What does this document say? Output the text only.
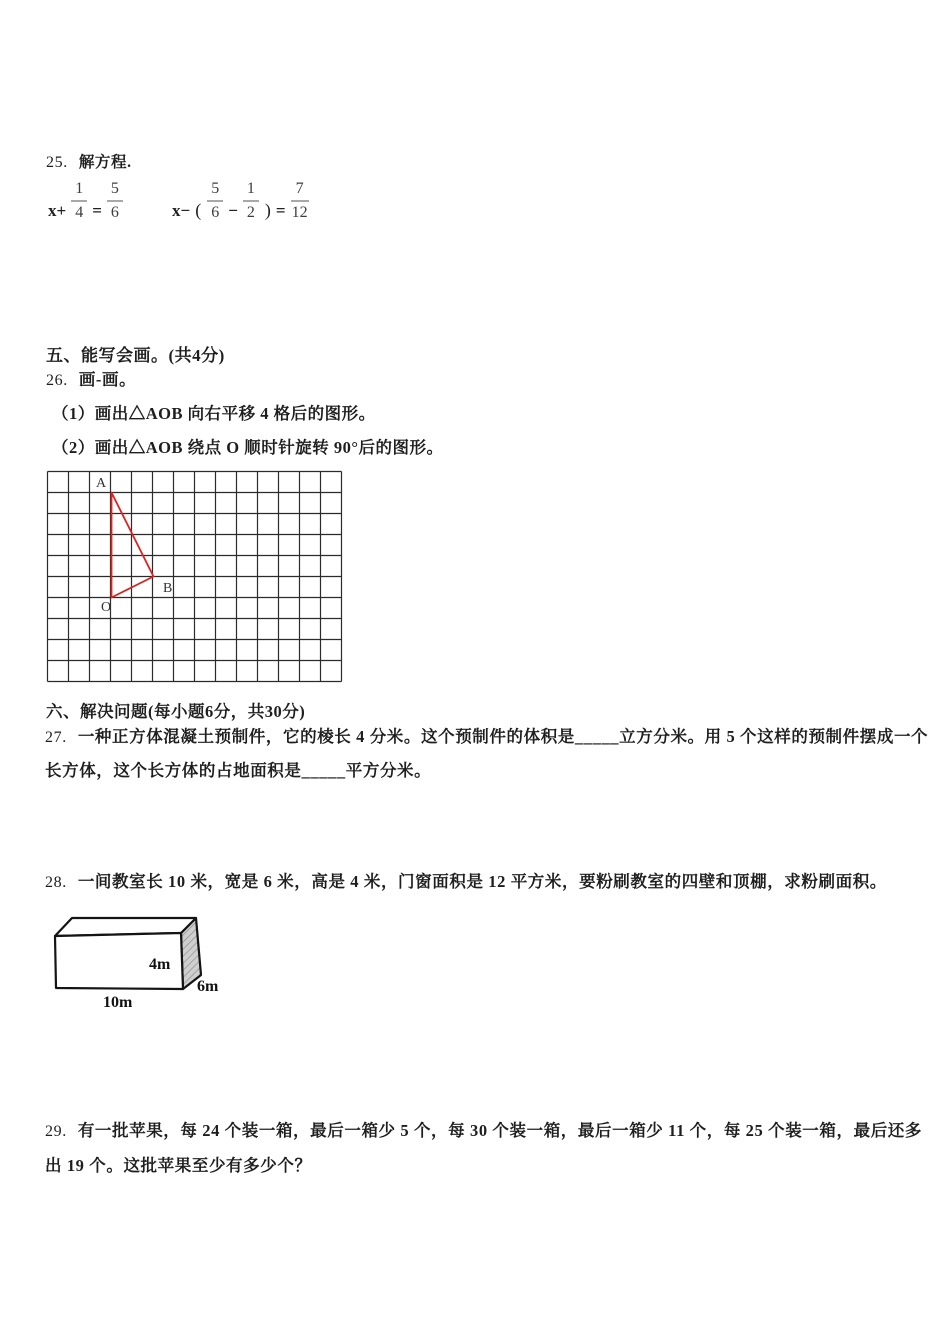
25. 解方程.
$x+ \frac{1}{4} = \frac{5}{6}$	x− ( $\frac{5}{6} - \frac{1}{2}$ ) = $\frac{7}{12}$
五、能写会画。(共4分)
26. 画-画。
（1）画出△AOB 向右平移 4 格后的图形。
（2）画出△AOB 绕点 O 顺时针旋转 90°后的图形。
A
B
O
六、解决问题(每小题6分，共30分)
27. 一种正方体混凝土预制件，它的棱长 4 分米。这个预制件的体积是_____立方分米。用 5 个这样的预制件摆成一个
长方体，这个长方体的占地面积是_____平方分米。
28. 一间教室长 10 米，宽是 6 米，高是 4 米，门窗面积是 12 平方米，要粉刷教室的四壁和顶棚，求粉刷面积。
4m
6m
10m
29. 有一批苹果，每 24 个装一箱，最后一箱少 5 个，每 30 个装一箱，最后一箱少 11 个，每 25 个装一箱，最后还多
出 19 个。这批苹果至少有多少个？
